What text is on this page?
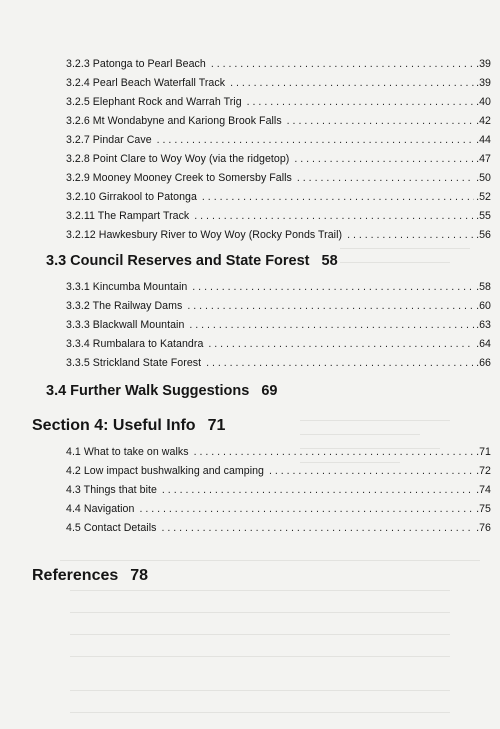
3.2.3 Patonga to Pearl Beach . . .	.39
3.2.4 Pearl Beach Waterfall Track . . .	.39
3.2.5 Elephant Rock and Warrah Trig . . .	.40
3.2.6 Mt Wondabyne and Kariong Brook Falls . . .	.42
3.2.7 Pindar Cave . . .	.44
3.2.8 Point Clare to Woy Woy (via the ridgetop) . . .	.47
3.2.9 Mooney Mooney Creek to Somersby Falls . . .	.50
3.2.10 Girrakool to Patonga . . .	.52
3.2.11 The Rampart Track . . .	.55
3.2.12 Hawkesbury River to Woy Woy (Rocky Ponds Trail) . . .	.56
3.3 Council Reserves and State Forest 58
3.3.1 Kincumba Mountain . . .	.58
3.3.2 The Railway Dams . . .	.60
3.3.3 Blackwall Mountain . . .	.63
3.3.4 Rumbalara to Katandra . . .	.64
3.3.5 Strickland State Forest . . .	.66
3.4 Further Walk Suggestions 69
Section 4: Useful Info 71
4.1 What to take on walks . . .	.71
4.2 Low impact bushwalking and camping . . .	.72
4.3 Things that bite . . .	.74
4.4 Navigation . . .	.75
4.5 Contact Details . . .	.76
References 78
